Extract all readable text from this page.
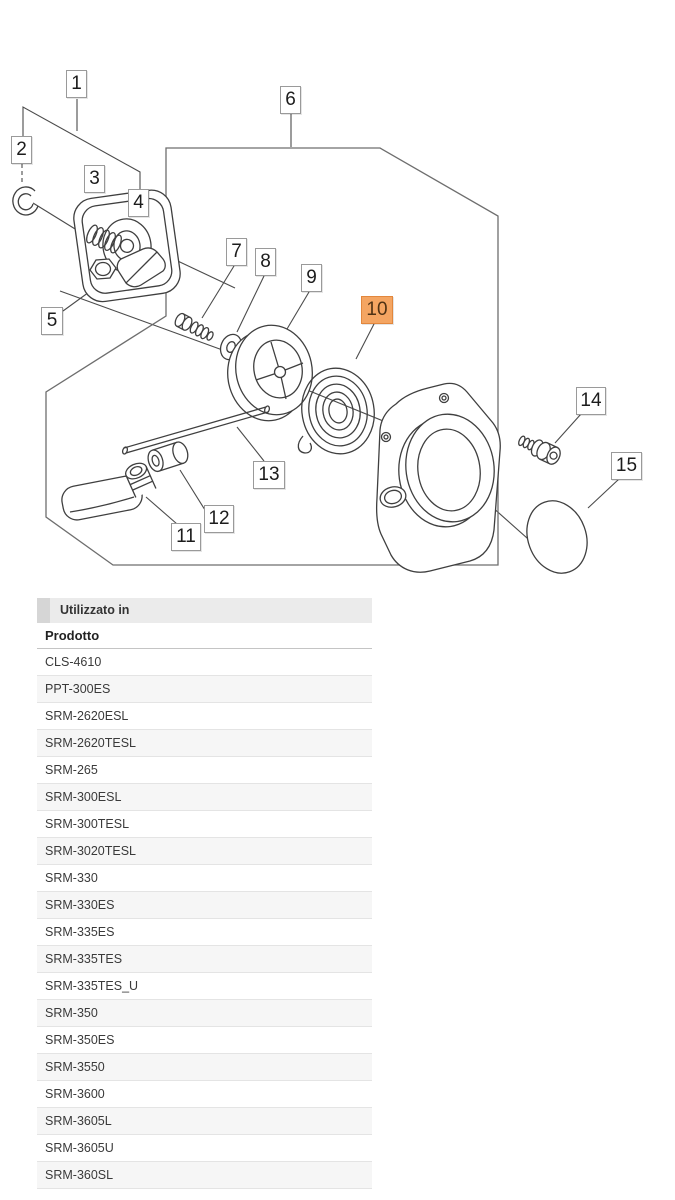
1
2
3
4
5
6
7 8
9
10
11
12
13
14
15
Utilizzato in
Prodotto
CLS-4610
PPT-300ES
SRM-2620ESL
SRM-2620TESL
SRM-265
SRM-300ESL
SRM-300TESL
SRM-3020TESL
SRM-330
SRM-330ES
SRM-335ES
SRM-335TES
SRM-335TES_U
SRM-350
SRM-350ES
SRM-3550
SRM-3600
SRM-3605L
SRM-3605U
SRM-360SL
